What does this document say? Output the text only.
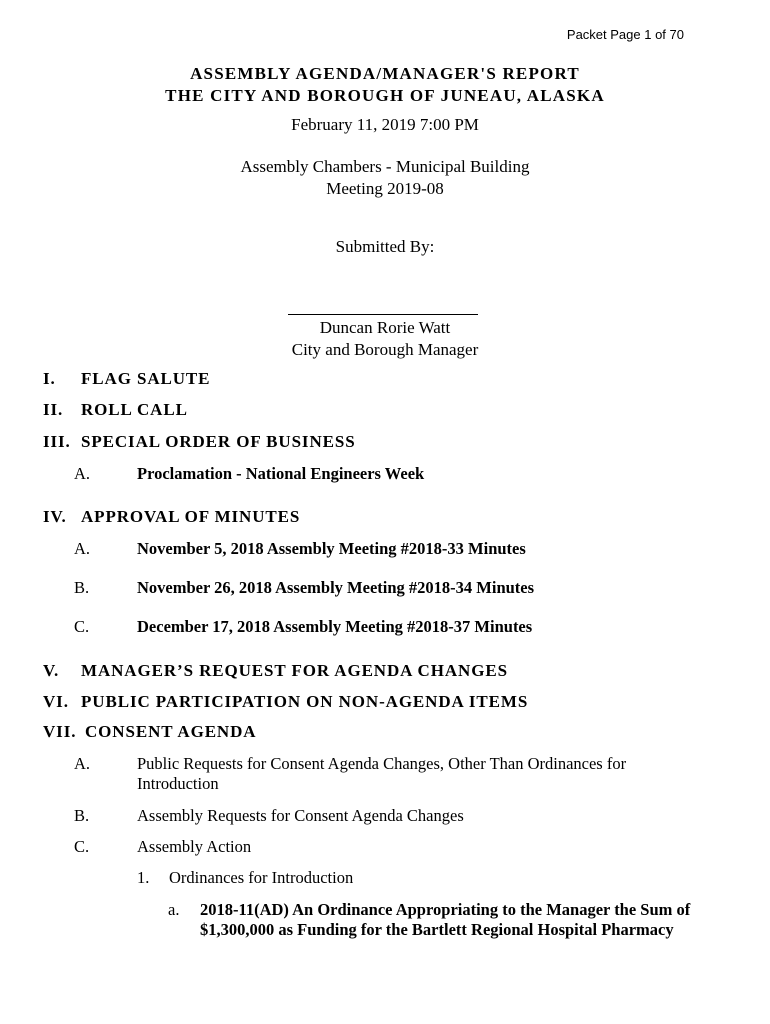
Packet Page 1 of 70
ASSEMBLY AGENDA/MANAGER'S REPORT
THE CITY AND BOROUGH OF JUNEAU, ALASKA
February 11, 2019 7:00 PM
Assembly Chambers - Municipal Building
Meeting 2019-08
Submitted By:
Duncan Rorie Watt
City and Borough Manager
I. FLAG SALUTE
II. ROLL CALL
III. SPECIAL ORDER OF BUSINESS
A.	Proclamation - National Engineers Week
IV. APPROVAL OF MINUTES
A.	November 5, 2018 Assembly Meeting #2018-33 Minutes
B.	November 26, 2018 Assembly Meeting #2018-34 Minutes
C.	December 17, 2018 Assembly Meeting #2018-37 Minutes
V. MANAGER’S REQUEST FOR AGENDA CHANGES
VI. PUBLIC PARTICIPATION ON NON-AGENDA ITEMS
VII. CONSENT AGENDA
A.	Public Requests for Consent Agenda Changes, Other Than Ordinances for
Introduction
B.	Assembly Requests for Consent Agenda Changes
C.	Assembly Action
1. Ordinances for Introduction
a. 2018-11(AD) An Ordinance Appropriating to the Manager the Sum of
$1,300,000 as Funding for the Bartlett Regional Hospital Pharmacy
